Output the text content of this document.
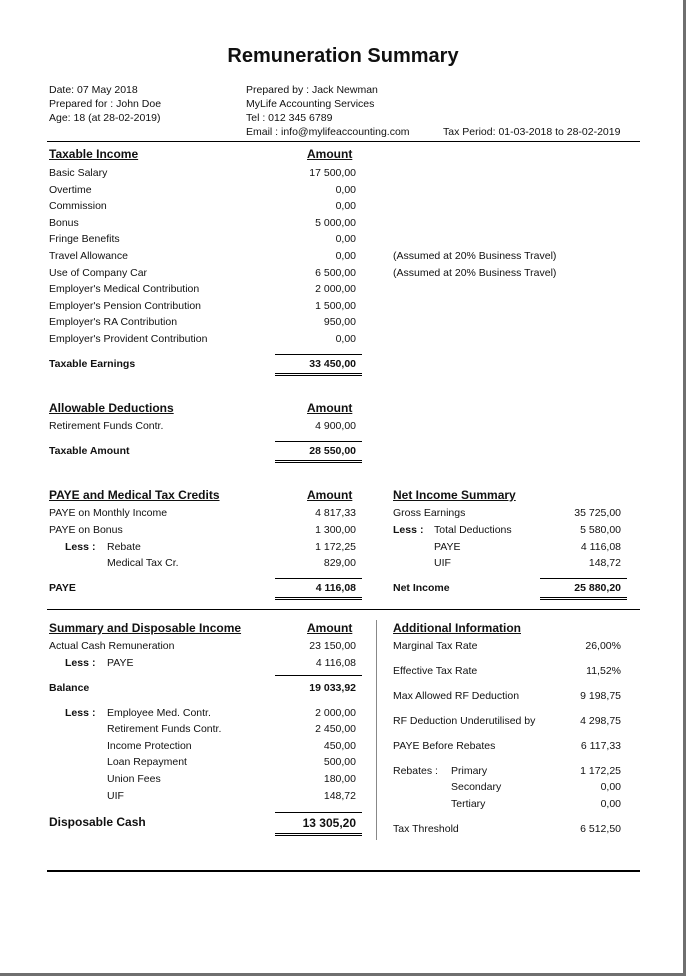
Remuneration Summary
Date: 07 May 2018
Prepared for : John Doe
Age: 18 (at 28-02-2019)
Prepared by : Jack Newman
MyLife Accounting Services
Tel : 012 345 6789
Email : info@mylifeaccounting.com	Tax Period: 01-03-2018 to 28-02-2019
Taxable Income	Amount
Basic Salary	17 500,00
Overtime	0,00
Commission	0,00
Bonus	5 000,00
Fringe Benefits	0,00
Travel Allowance	0,00	(Assumed at 20% Business Travel)
Use of Company Car	6 500,00	(Assumed at 20% Business Travel)
Employer's Medical Contribution	2 000,00
Employer's Pension Contribution	1 500,00
Employer's RA Contribution	950,00
Employer's Provident Contribution	0,00
Taxable Earnings	33 450,00
Allowable Deductions	Amount
Retirement Funds Contr.	4 900,00
Taxable Amount	28 550,00
PAYE and Medical Tax Credits	Amount
PAYE on Monthly Income	4 817,33
PAYE on Bonus	1 300,00
Less : Rebate	1 172,25
Medical Tax Cr.	829,00
PAYE	4 116,08
Net Income Summary
Gross Earnings	35 725,00
Less : Total Deductions	5 580,00
PAYE	4 116,08
UIF	148,72
Net Income	25 880,20
Summary and Disposable Income	Amount
Actual Cash Remuneration	23 150,00
Less : PAYE	4 116,08
Balance	19 033,92
Less : Employee Med. Contr.	2 000,00
Retirement Funds Contr.	2 450,00
Income Protection	450,00
Loan Repayment	500,00
Union Fees	180,00
UIF	148,72
Disposable Cash	13 305,20
Additional Information
Marginal Tax Rate	26,00%
Effective Tax Rate	11,52%
Max Allowed RF Deduction	9 198,75
RF Deduction Underutilised by	4 298,75
PAYE Before Rebates	6 117,33
Rebates : Primary	1 172,25
Secondary	0,00
Tertiary	0,00
Tax Threshold	6 512,50
